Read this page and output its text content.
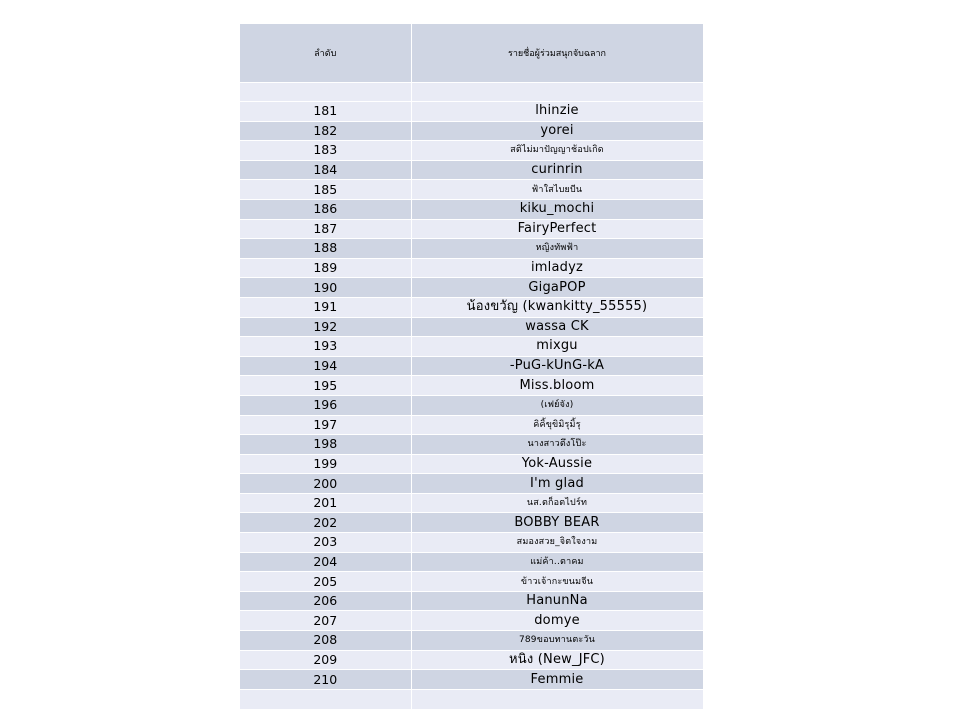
ลำดับ	รายชื่อผู้ร่วมสนุกจับฉลาก

181	lhinzie
182	yorei
183	สติไม่มาปัญญาช้อปเกิด
184	curinrin
185	ฟ้าใสไบยบีน
186	kiku_mochi
187	FairyPerfect
188	หญิงทัพฟ้า
189	imladyz
190	GigaPOP
191	น้องขวัญ (kwankitty_55555)
192	wassa CK
193	mixgu
194	-PuG-kUnG-kA
195	Miss.bloom
196	(เฟย์จัง)
197	คิคิ้ขุขิมิรุมิ้รุ
198	นางสาวตึงโป๊ะ
199	Yok-Aussie
200	I'm glad
201	นส.ตก็อตไปร์ท
202	BOBBY BEAR
203	สมองสวย_จิตใจงาม
204	แม่ค้า..ตาคม
205	ข้าวเจ้ากะขนมจีน
206	HanunNa
207	domye
208	789ขอบทานตะวัน
209	หนิง (New_JFC)
210	Femmie
